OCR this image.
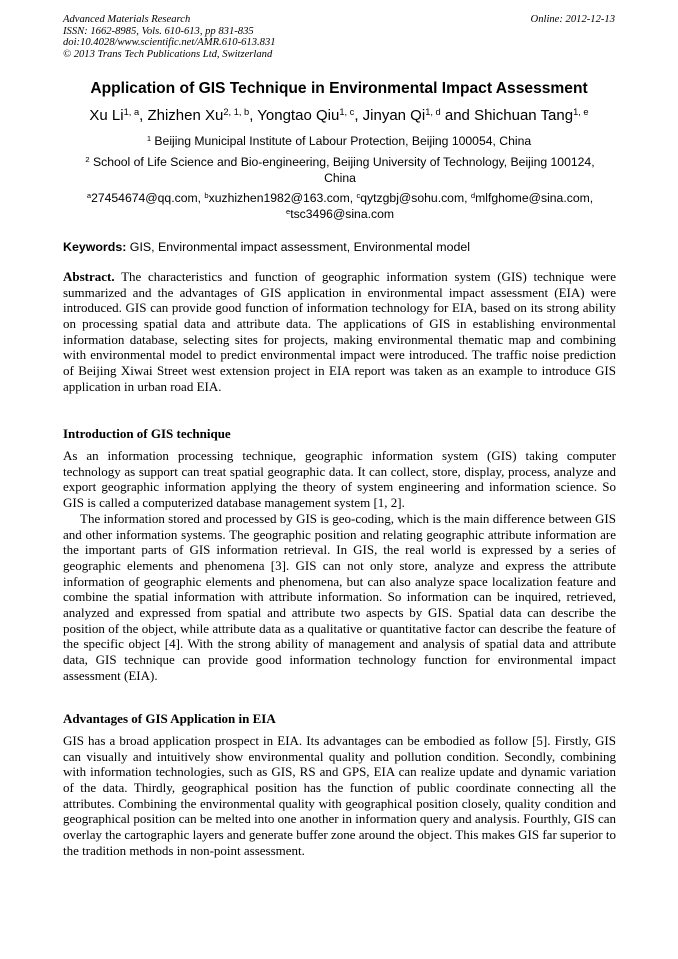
Advanced Materials Research
ISSN: 1662-8985, Vols. 610-613, pp 831-835
doi:10.4028/www.scientific.net/AMR.610-613.831
© 2013 Trans Tech Publications Ltd, Switzerland
Online: 2012-12-13
Application of GIS Technique in Environmental Impact Assessment
Xu Li$^{1, a}$, Zhizhen Xu$^{2, 1, b}$, Yongtao Qiu$^{1, c}$, Jinyan Qi$^{1, d}$ and Shichuan Tang$^{1, e}$
$^1$ Beijing Municipal Institute of Labour Protection, Beijing 100054, China
$^2$ School of Life Science and Bio-engineering, Beijing University of Technology, Beijing 100124, China
$^a$27454674@qq.com, $^b$xuzhizhen1982@163.com, $^c$qytzgbj@sohu.com, $^d$mlfghome@sina.com, $^e$tsc3496@sina.com
Keywords: GIS, Environmental impact assessment, Environmental model
Abstract. The characteristics and function of geographic information system (GIS) technique were summarized and the advantages of GIS application in environmental impact assessment (EIA) were introduced. GIS can provide good function of information technology for EIA, based on its strong ability on processing spatial data and attribute data. The applications of GIS in establishing environmental information database, selecting sites for projects, making environmental thematic map and combining with environmental model to predict environmental impact were introduced. The traffic noise prediction of Beijing Xiwai Street west extension project in EIA report was taken as an example to introduce GIS application in urban road EIA.
Introduction of GIS technique
As an information processing technique, geographic information system (GIS) taking computer technology as support can treat spatial geographic data. It can collect, store, display, process, analyze and export geographic information applying the theory of system engineering and information science. So GIS is called a computerized database management system [1, 2].
The information stored and processed by GIS is geo-coding, which is the main difference between GIS and other information systems. The geographic position and relating geographic attribute information are the important parts of GIS information retrieval. In GIS, the real world is expressed by a series of geographic elements and phenomena [3]. GIS can not only store, analyze and express the attribute information of geographic elements and phenomena, but can also analyze space localization feature and combine the spatial information with attribute information. So information can be inquired, retrieved, analyzed and expressed from spatial and attribute two aspects by GIS. Spatial data can describe the position of the object, while attribute data as a qualitative or quantitative factor can describe the feature of the specific object [4]. With the strong ability of management and analysis of spatial data and attribute data, GIS technique can provide good information technology function for environmental impact assessment (EIA).
Advantages of GIS Application in EIA
GIS has a broad application prospect in EIA. Its advantages can be embodied as follow [5]. Firstly, GIS can visually and intuitively show environmental quality and pollution condition. Secondly, combining with information technologies, such as GIS, RS and GPS, EIA can realize update and dynamic variation of the data. Thirdly, geographical position has the function of public coordinate connecting all the attributes. Combining the environmental quality with geographical position closely, quality condition and geographical position can be melted into one another in information query and analysis. Fourthly, GIS can overlay the cartographic layers and generate buffer zone around the object. This makes GIS far superior to the tradition methods in non-point assessment.
